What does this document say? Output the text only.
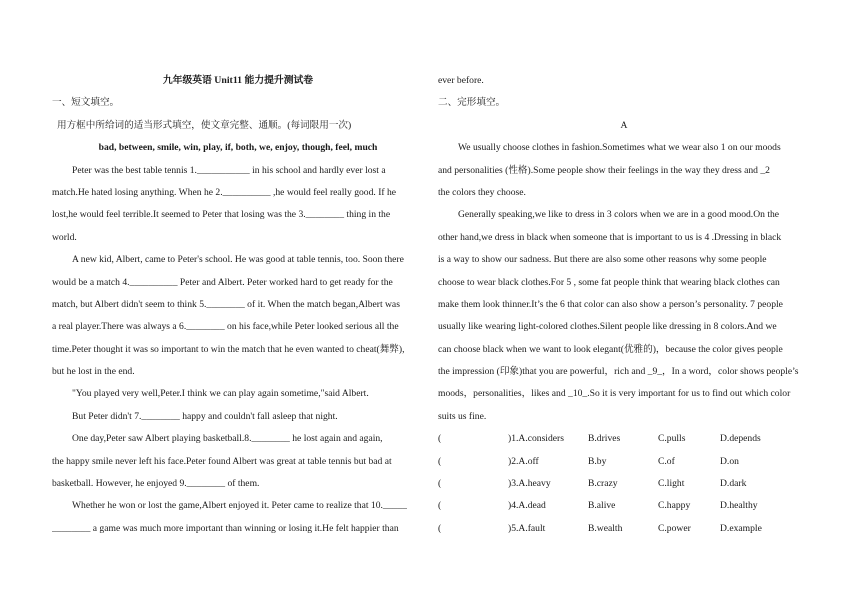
九年级英语 Unit11 能力提升测试卷
一、短文填空。
用方框中所给词的适当形式填空，使文章完整、通顺。(每词限用一次)
bad, between, smile, win, play, if, both, we, enjoy, though, feel, much
Peter was the best table tennis 1.___________ in his school and hardly ever lost a
match.He hated losing anything. When he 2.__________ ,he would feel really good. If he
lost,he would feel terrible.It seemed to Peter that losing was the 3.________ thing in the
world.
A new kid, Albert, came to Peter's school. He was good at table tennis, too. Soon there
would be a match 4.__________ Peter and Albert. Peter worked hard to get ready for the
match, but Albert didn't seem to think 5.________ of it. When the match began,Albert was
a real player.There was always a 6.________ on his face,while Peter looked serious all the
time.Peter thought it was so important to win the match that he even wanted to cheat(舞弊),
but he lost in the end.
"You played very well,Peter.I think we can play again sometime,"said Albert.
But Peter didn't 7.________ happy and couldn't fall asleep that night.
One day,Peter saw Albert playing basketball.8.________ he lost again and again,
the happy smile never left his face.Peter found Albert was great at table tennis but bad at
basketball. However, he enjoyed 9.________ of them.
Whether he won or lost the game,Albert enjoyed it. Peter came to realize that 10._____
________ a game was much more important than winning or losing it.He felt happier than
ever before.
二、完形填空。
A
We usually choose clothes in fashion.Sometimes what we wear also 1 on our moods
and personalities (性格).Some people show their feelings in the way they dress and _2
the colors they choose.
Generally speaking,we like to dress in 3 colors when we are in a good mood.On the
other hand,we dress in black when someone that is important to us is 4 .Dressing in black
is a way to show our sadness. But there are also some other reasons why some people
choose to wear black clothes.For 5 , some fat people think that wearing black clothes can
make them look thinner.It’s the 6 that color can also show a person’s personality. 7 people
usually like wearing light-colored clothes.Silent people like dressing in 8 colors.And we
can choose black when we want to look elegant(优雅的)，because the color gives people
the impression (印象)that you are powerful，rich and _9_，In a word，color shows people’s
moods，personalities，likes and _10_.So it is very important for us to find out which color
suits us fine.
(	)1.A.considers	B.drives	C.pulls	D.depends
(	)2.A.off	B.by	C.of	D.on
(	)3.A.heavy	B.crazy	C.light	D.dark
(	)4.A.dead	B.alive	C.happy	D.healthy
(	)5.A.fault	B.wealth	C.power	D.example
